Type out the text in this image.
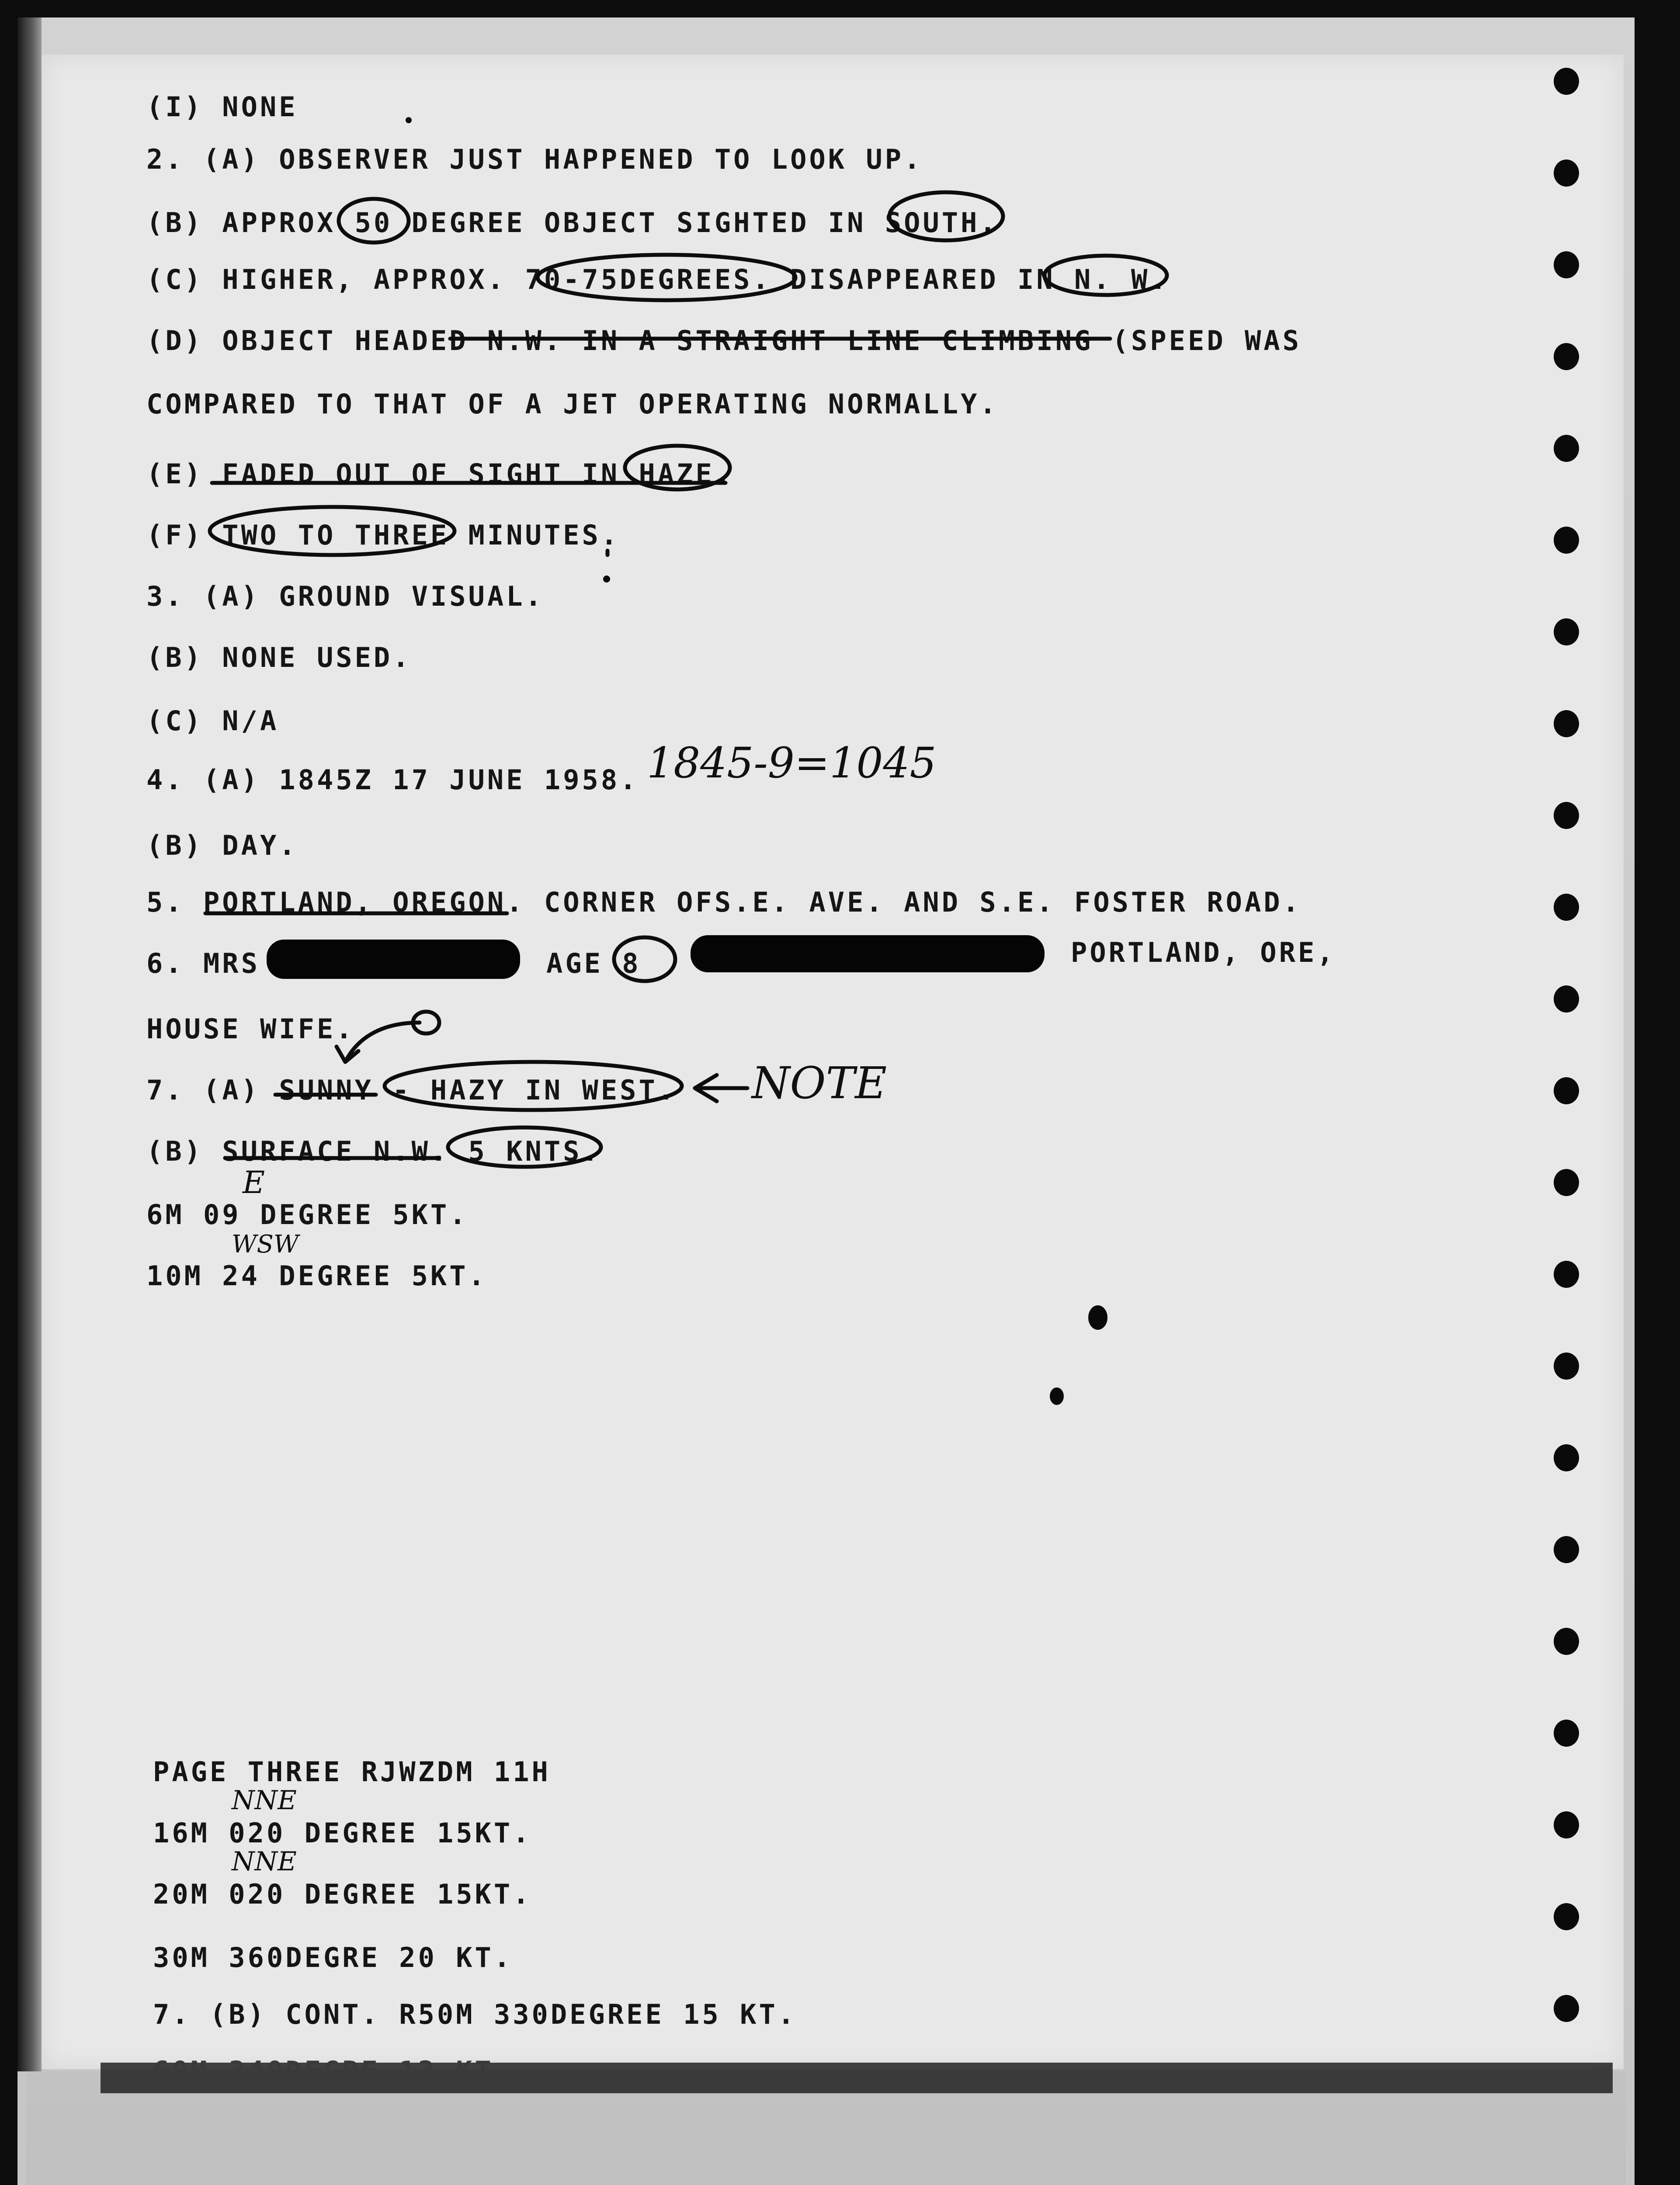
(I) NONE

2. (A) OBSERVER JUST HAPPENED TO LOOK UP.

(B) APPROX 50 DEGREE OBJECT SIGHTED IN SOUTH.

(C) HIGHER, APPROX. 70-75DEGREES. DISAPPEARED IN N. W.

(D) OBJECT HEADED N.W. IN A STRAIGHT LINE CLIMBING (SPEED WAS

COMPARED TO THAT OF A JET OPERATING NORMALLY.

(E) FADED OUT OF SIGHT IN HAZE.

(F) TWO TO THREE MINUTES.

3. (A) GROUND VISUAL.

(B) NONE USED.

(C) N/A

4. (A) 1845Z 17 JUNE 1958.

(B) DAY.

5. PORTLAND, OREGON. CORNER OFS.E. AVE. AND S.E. FOSTER ROAD.

6. MRS	AGE 8	PORTLAND, ORE,

HOUSE WIFE.

7. (A) SUNNY - HAZY IN WEST.

(B) SURFACE N.W. 5 KNTS.

6M 09 DEGREE 5KT.

10M 24 DEGREE 5KT.

PAGE THREE RJWZDM 11H

16M 020 DEGREE 15KT.

20M 020 DEGREE 15KT.

30M 360DEGRE 20 KT.

7. (B) CONT. R50M 330DEGREE 15 KT.

60M 340DEGRE 12 KT.

1845-9=1045

NOTE

E

WSW

NNE

NNE
